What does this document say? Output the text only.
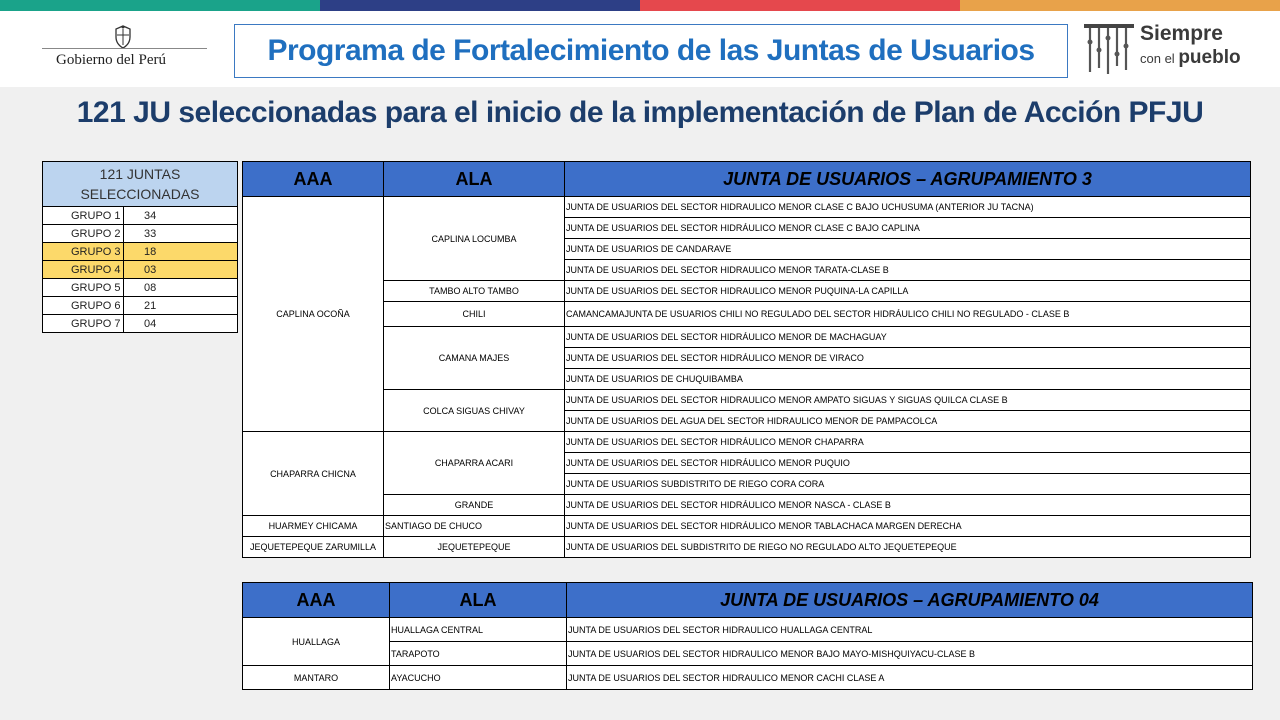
Gobierno del Perú	Programa de Fortalecimiento de las Juntas de Usuarios
Siempre
con el pueblo
121 JU seleccionadas para el inicio de la implementación de Plan de Acción PFJU
121 JUNTAS SELECCIONADAS	
GRUPO 1	34
GRUPO 2	33
GRUPO 3	18
GRUPO 4	03
GRUPO 5	08
GRUPO 6	21
GRUPO 7	04
AAA	ALA	JUNTA DE USUARIOS – AGRUPAMIENTO 3
CAPLINA OCOÑA	CAPLINA LOCUMBA	JUNTA DE USUARIOS DEL SECTOR HIDRAULICO MENOR CLASE C BAJO UCHUSUMA (ANTERIOR JU TACNA)
		JUNTA DE USUARIOS DEL SECTOR HIDRÁULICO MENOR CLASE C BAJO CAPLINA
		JUNTA DE USUARIOS DE CANDARAVE
		JUNTA DE USUARIOS DEL SECTOR HIDRAULICO MENOR TARATA-CLASE B
	TAMBO ALTO TAMBO	JUNTA DE USUARIOS DEL SECTOR HIDRAULICO MENOR PUQUINA-LA CAPILLA
	CHILI	CAMANCAMAJUNTA DE USUARIOS CHILI NO REGULADO DEL SECTOR HIDRÁULICO CHILI NO REGULADO - CLASE B
	CAMANA MAJES	JUNTA DE USUARIOS DEL SECTOR HIDRÁULICO MENOR DE MACHAGUAY
		JUNTA DE USUARIOS DEL SECTOR HIDRÁULICO MENOR DE VIRACO
		JUNTA DE USUARIOS DE CHUQUIBAMBA
	COLCA SIGUAS CHIVAY	JUNTA DE USUARIOS DEL SECTOR HIDRAULICO MENOR AMPATO SIGUAS Y SIGUAS QUILCA CLASE B
		JUNTA DE USUARIOS DEL AGUA DEL SECTOR HIDRAULICO MENOR DE PAMPACOLCA
CHAPARRA CHICNA	CHAPARRA ACARI	JUNTA DE USUARIOS DEL SECTOR HIDRÁULICO MENOR CHAPARRA
		JUNTA DE USUARIOS DEL SECTOR HIDRÁULICO MENOR PUQUIO
		JUNTA DE USUARIOS SUBDISTRITO DE RIEGO CORA CORA
	GRANDE	JUNTA DE USUARIOS DEL SECTOR HIDRÁULICO MENOR NASCA - CLASE B
HUARMEY CHICAMA	SANTIAGO DE CHUCO	JUNTA DE USUARIOS DEL SECTOR HIDRÁULICO MENOR TABLACHACA MARGEN DERECHA
JEQUETEPEQUE ZARUMILLA	JEQUETEPEQUE	JUNTA DE USUARIOS DEL SUBDISTRITO DE RIEGO NO REGULADO ALTO JEQUETEPEQUE
AAA	ALA	JUNTA DE USUARIOS – AGRUPAMIENTO 04
HUALLAGA	HUALLAGA CENTRAL	JUNTA DE USUARIOS DEL SECTOR HIDRAULICO HUALLAGA CENTRAL
	TARAPOTO	JUNTA DE USUARIOS DEL SECTOR HIDRAULICO MENOR BAJO MAYO-MISHQUIYACU-CLASE B
MANTARO	AYACUCHO	JUNTA DE USUARIOS DEL SECTOR HIDRAULICO MENOR CACHI CLASE A
